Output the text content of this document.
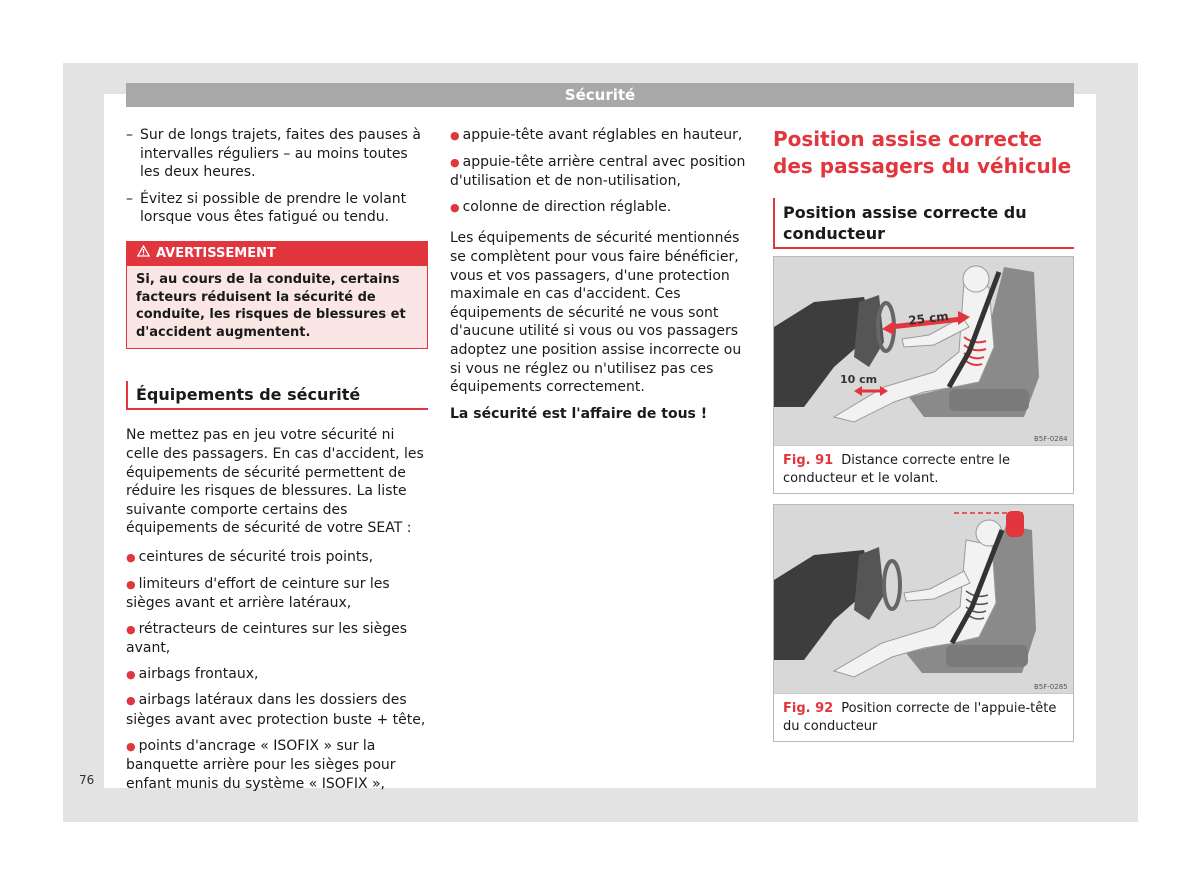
Sécurité
– Sur de longs trajets, faites des pauses à intervalles réguliers – au moins toutes les deux heures.
– Évitez si possible de prendre le volant lorsque vous êtes fatigué ou tendu.
AVERTISSEMENT
Si, au cours de la conduite, certains facteurs réduisent la sécurité de conduite, les risques de blessures et d'accident augmentent.
Équipements de sécurité
Ne mettez pas en jeu votre sécurité ni celle des passagers. En cas d'accident, les équipements de sécurité permettent de réduire les risques de blessures. La liste suivante comporte certains des équipements de sécurité de votre SEAT :
● ceintures de sécurité trois points,
● limiteurs d'effort de ceinture sur les sièges avant et arrière latéraux,
● rétracteurs de ceintures sur les sièges avant,
● airbags frontaux,
● airbags latéraux dans les dossiers des sièges avant avec protection buste + tête,
● points d'ancrage « ISOFIX » sur la banquette arrière pour les sièges pour enfant munis du système « ISOFIX »,
● appuie-tête avant réglables en hauteur,
● appuie-tête arrière central avec position d'utilisation et de non-utilisation,
● colonne de direction réglable.
Les équipements de sécurité mentionnés se complètent pour vous faire bénéficier, vous et vos passagers, d'une protection maximale en cas d'accident. Ces équipements de sécurité ne vous sont d'aucune utilité si vous ou vos passagers adoptez une position assise incorrecte ou si vous ne réglez ou n'utilisez pas ces équipements correctement.
La sécurité est l'affaire de tous !
Position assise correcte des passagers du véhicule
Position assise correcte du conducteur
25 cm
10 cm
B5F-0284
Fig. 91 Distance correcte entre le conducteur et le volant.
B5F-0285
Fig. 92 Position correcte de l'appuie-tête du conducteur
76
